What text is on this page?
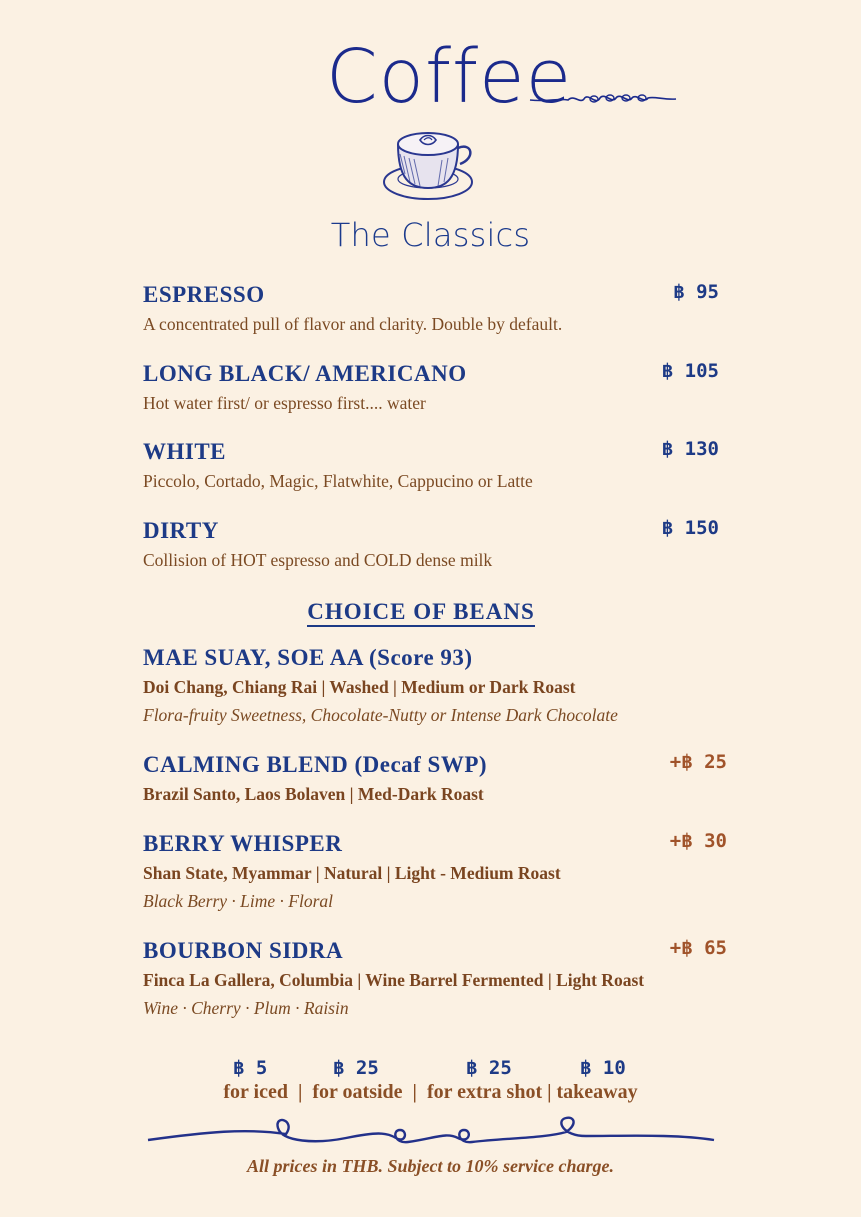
Coffee
The Classics

ESPRESSO	฿ 95

A concentrated pull of flavor and clarity. Double by default.

LONG BLACK/ AMERICANO	฿ 105

Hot water first/ or espresso first.... water

WHITE	฿ 130

Piccolo, Cortado, Magic, Flatwhite, Cappucino or Latte

DIRTY	฿ 150

Collision of HOT espresso and COLD dense milk

CHOICE OF BEANS

MAE SUAY, SOE AA (Score 93)

Doi Chang, Chiang Rai | Washed | Medium or Dark Roast

Flora-fruity Sweetness, Chocolate-Nutty or Intense Dark Chocolate

CALMING BLEND (Decaf SWP)	+฿ 25

Brazil Santo, Laos Bolaven | Med-Dark Roast

BERRY WHISPER	+฿ 30

Shan State, Myammar | Natural | Light - Medium Roast

Black Berry · Lime · Floral

BOURBON SIDRA	+฿ 65

Finca La Gallera, Columbia | Wine Barrel Fermented | Light Roast

Wine · Cherry · Plum · Raisin

฿ 5	฿ 25	฿ 25	฿ 10

for iced  |  for oatside  |  for extra shot | takeaway

All prices in THB. Subject to 10% service charge.
